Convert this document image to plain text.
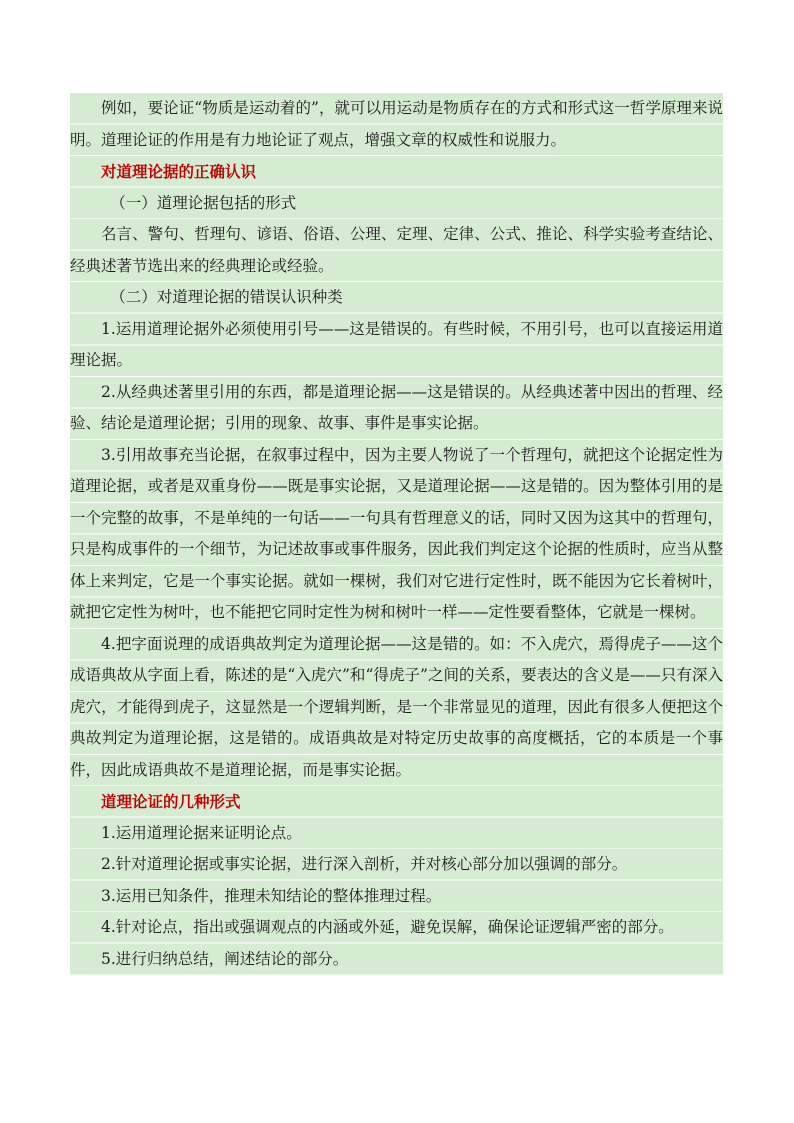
例如，要论证“物质是运动着的”，就可以用运动是物质存在的方式和形式这一哲学原理来说明。道理论证的作用是有力地论证了观点，增强文章的权威性和说服力。

对道理论据的正确认识

（一）道理论据包括的形式

名言、警句、哲理句、谚语、俗语、公理、定理、定律、公式、推论、科学实验考查结论、经典述著节选出来的经典理论或经验。

（二）对道理论据的错误认识种类

1.运用道理论据外必须使用引号——这是错误的。有些时候，不用引号，也可以直接运用道理论据。

2.从经典述著里引用的东西，都是道理论据——这是错误的。从经典述著中因出的哲理、经验、结论是道理论据；引用的现象、故事、事件是事实论据。

3.引用故事充当论据，在叙事过程中，因为主要人物说了一个哲理句，就把这个论据定性为道理论据，或者是双重身份——既是事实论据，又是道理论据——这是错的。因为整体引用的是一个完整的故事，不是单纯的一句话——一句具有哲理意义的话，同时又因为这其中的哲理句，只是构成事件的一个细节，为记述故事或事件服务，因此我们判定这个论据的性质时，应当从整体上来判定，它是一个事实论据。就如一棵树，我们对它进行定性时，既不能因为它长着树叶，就把它定性为树叶，也不能把它同时定性为树和树叶一样——定性要看整体，它就是一棵树。

4.把字面说理的成语典故判定为道理论据——这是错的。如：不入虎穴，焉得虎子——这个成语典故从字面上看，陈述的是“入虎穴”和“得虎子”之间的关系，要表达的含义是——只有深入虎穴，才能得到虎子，这显然是一个逻辑判断，是一个非常显见的道理，因此有很多人便把这个典故判定为道理论据，这是错的。成语典故是对特定历史故事的高度概括，它的本质是一个事件，因此成语典故不是道理论据，而是事实论据。

道理论证的几种形式

1.运用道理论据来证明论点。

2.针对道理论据或事实论据，进行深入剖析，并对核心部分加以强调的部分。

3.运用已知条件，推理未知结论的整体推理过程。

4.针对论点，指出或强调观点的内涵或外延，避免误解，确保论证逻辑严密的部分。

5.进行归纳总结，阐述结论的部分。
